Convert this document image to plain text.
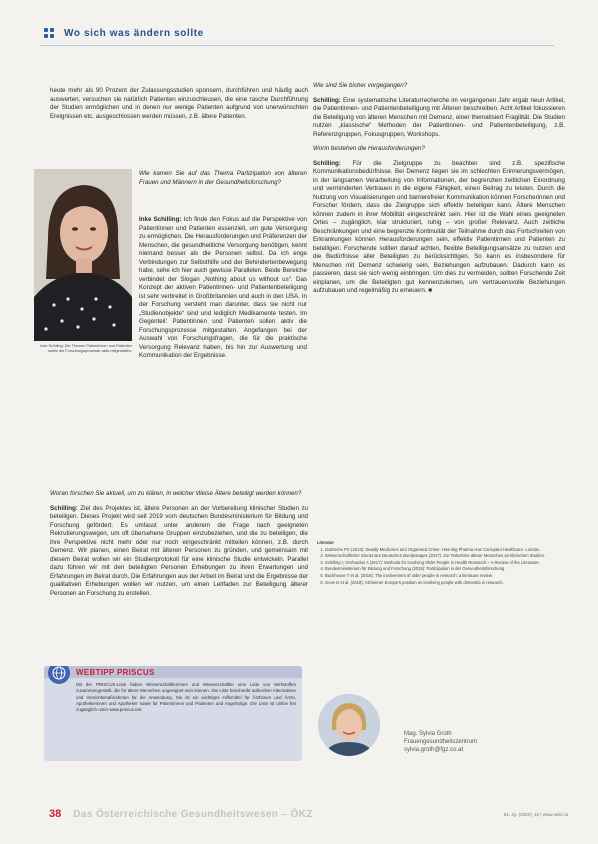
Wo sich was ändern sollte

heute mehr als 90 Prozent der Zulassungsstudien sponsern, durchführen und häufig auch auswerten, versuchen sie natürlich Patienten einzuschleusen, die eine rasche Durchführung der Studien ermöglichen und in denen nur wenige Patienten aufgrund von unerwünschten Ereignissen etc. ausgeschlossen werden müssen, z.B. ältere Patienten.

Inke Schilling: Die Themen Patientinnen und Patienten sollen die Forschungsprozesse aktiv mitgestalten.

Wie kamen Sie auf das Thema Partizipation von älteren Frauen und Männern in der Gesundheitsforschung?

Inke Schilling: Ich finde den Fokus auf die Perspektive von Patientinnen und Patienten essenziell, um gute Versorgung zu ermöglichen. Die Herausforderungen und Präferenzen der Menschen, die gesundheitliche Versorgung benötigen, kennt niemand besser als die Personen selbst. Da ich enge Verbindungen zur Selbsthilfe und der Behindertenbewegung habe, sehe ich hier auch gewisse Parallelen. Beide Bereiche verbindet der Slogan „Nothing about us without us“. Das Konzept der aktiven Patientinnen- und Patientenbeteiligung ist sehr verbreitet in Großbritannien und auch in den USA. In der Forschung versteht man darunter, dass sie nicht nur „Studienobjekte“ sind und lediglich Medikamente testen. Im Gegenteil: Patientinnen und Patienten sollen aktiv die Forschungsprozesse mitgestalten. Angefangen bei der Auswahl von Forschungsfragen, die für die praktische Versorgung Relevanz haben, bis hin zur Auswertung und Kommunikation der Ergebnisse.

Woran forschen Sie aktuell, um zu klären, in welcher Weise Ältere beteiligt werden können?

Schilling: Ziel des Projektes ist, ältere Personen an der Vorbereitung klinischer Studien zu beteiligen. Dieses Projekt wird seit 2019 vom deutschen Bundesministerium für Bildung und Forschung gefördert. Es umfasst unter anderem die Frage nach geeigneten Rekrutierungswegen, um oft übersehene Gruppen einzubeziehen, und die zu beteiligen, die ihre Perspektive nicht mehr oder nur noch eingeschränkt mitteilen können, z.B. durch Demenz. Wir planen, einen Beirat mit älteren Personen zu gründen, und gemeinsam mit diesem Beirat wollen wir ein Studienprotokoll für eine klinische Studie entwickeln. Parallel dazu führen wir mit den beteiligten Personen Erhebungen zu ihren Erwartungen und Erfahrungen im Beirat durch. Die Erfahrungen aus der Arbeit im Beirat und die Ergebnisse der qualitativen Erhebungen wollen wir nutzen, um einen Leitfaden zur Beteiligung älterer Personen an Forschung zu erstellen.

WEBTIPP PRISCUS
Mit der PRISCUS-Liste haben Wissenschaftlerinnen und Wissenschaftler eine Liste von Wirkstoffen zusammengestellt, die für ältere Menschen ungeeignet sein können. Die Liste beschreibt außerdem Alternativen und Vorsichtsmaßnahmen für die Anwendung. Sie ist ein wichtiges Hilfsmittel für Ärztinnen und Ärzte, Apothekerinnen und Apotheker sowie für Patientinnen und Patienten und Angehörige. Die Liste ist online frei zugänglich unter www.priscus.net.

Wie sind Sie bisher vorgegangen?

Schilling: Eine systematische Literaturrecherche im vergangenen Jahr ergab neun Artikel, die Patientinnen- und Patientenbeteiligung mit Älteren beschreiben. Acht Artikel fokussieren die Beteiligung von älteren Menschen mit Demenz, einer thematisiert Fragilität. Die Studien nutzen „klassische“ Methoden der Patientinnen- und Patientenbeteiligung, z.B. Referenzgruppen, Fokusgruppen, Workshops.

Worin bestehen die Herausforderungen?

Schilling: Für die Zielgruppe zu beachten sind z.B. spezifische Kommunikationsbedürfnisse. Bei Demenz liegen sie im schlechten Erinnerungsvermögen, in der langsamen Verarbeitung von Informationen, der begrenzten zeitlichen Einordnung und verminderten Vertrauen in die eigene Fähigkeit, einen Beitrag zu leisten. Durch die Nutzung von Visualisierungen und barrierefreier Kommunikation können Forscherinnen und Forscher fördern, dass die Zielgruppe sich effektiv beteiligen kann. Ältere Menschen können zudem in ihrer Mobilität eingeschränkt sein. Hier ist die Wahl eines geeigneten Ortes – zugänglich, klar strukturiert, ruhig – von großer Relevanz. Auch zeitliche Beschränkungen und eine begrenzte Kontinuität der Teilnahme durch das Fortschreiten von Erkrankungen können Herausforderungen sein, effektiv Patientinnen und Patienten zu beteiligen. Forschende sollten darauf achten, flexible Beteiligungsansätze zu nutzen und die Bedürfnisse aller Beteiligten zu berücksichtigen. So kann es insbesondere für Menschen mit Demenz schwierig sein, Beziehungen aufzubauen. Dadurch kann es passieren, dass sie sich wenig einbringen. Um dies zu vermeiden, sollten Forschende Zeit einplanen, um die Beteiligten gut kennenzulernen, um vertrauensvolle Beziehungen aufzubauen und regelmäßig zu erneuern. ■

Literatur
1. Gøtzsche PC (2013): Deadly Medicines and Organised Crime: How Big Pharma Has Corrupted Healthcare. London.
2. Wissenschaftlicher Dienst des Deutschen Bundestages (2017): Zur Teilnahme älterer Menschen an klinischen Studien.
3. Schilling I, Gerhardus A (2017): Methods for Involving Older People in Health Research – A Review of the Literature.
4. Bundesministerium für Bildung und Forschung (2018): Partizipation in der Gesundheitsforschung.
5. Backhouse T et al. (2016): The involvement of older people in research: a literature review.
6. Gove D et al. (2018): Alzheimer Europe's position on involving people with dementia in research.
Mag. Sylvia Groth
Frauengesundheitszentrum
sylvia.groth@fgz.co.at
38 Das Österreichische Gesundheitswesen – ÖKZ	61. Jg. (2020), 10 | www.oekz.at
